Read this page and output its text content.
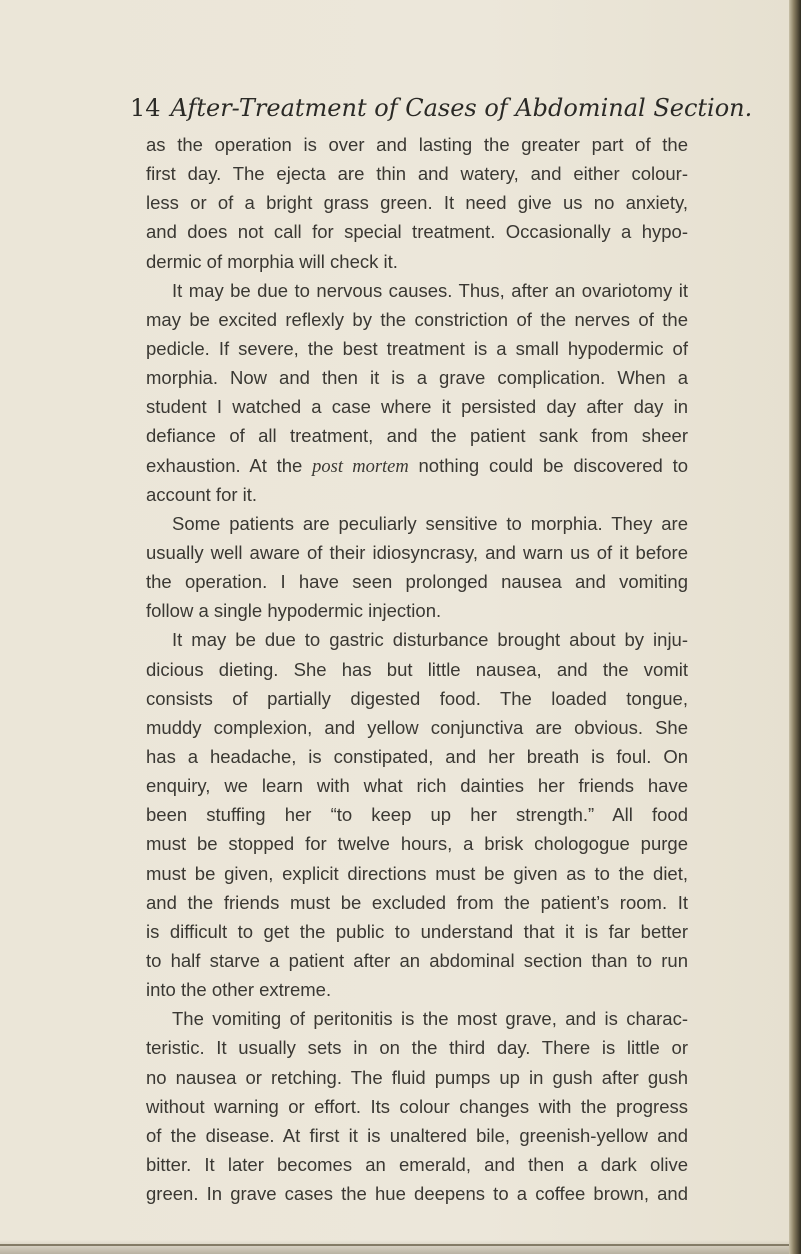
14 After-Treatment of Cases of Abdominal Section.
as the operation is over and lasting the greater part of the
first day. The ejecta are thin and watery, and either colour-
less or of a bright grass green. It need give us no anxiety,
and does not call for special treatment. Occasionally a hypo-
dermic of morphia will check it.
It may be due to nervous causes. Thus, after an ovariotomy it
may be excited reflexly by the constriction of the nerves of the
pedicle. If severe, the best treatment is a small hypodermic of
morphia. Now and then it is a grave complication. When a
student I watched a case where it persisted day after day in
defiance of all treatment, and the patient sank from sheer
exhaustion. At the post mortem nothing could be discovered to
account for it.
Some patients are peculiarly sensitive to morphia. They are
usually well aware of their idiosyncrasy, and warn us of it before
the operation. I have seen prolonged nausea and vomiting
follow a single hypodermic injection.
It may be due to gastric disturbance brought about by inju-
dicious dieting. She has but little nausea, and the vomit
consists of partially digested food. The loaded tongue,
muddy complexion, and yellow conjunctiva are obvious. She
has a headache, is constipated, and her breath is foul. On
enquiry, we learn with what rich dainties her friends have
been stuffing her “to keep up her strength.” All food
must be stopped for twelve hours, a brisk chologogue purge
must be given, explicit directions must be given as to the diet,
and the friends must be excluded from the patient’s room. It
is difficult to get the public to understand that it is far better
to half starve a patient after an abdominal section than to run
into the other extreme.
The vomiting of peritonitis is the most grave, and is charac-
teristic. It usually sets in on the third day. There is little or
no nausea or retching. The fluid pumps up in gush after gush
without warning or effort. Its colour changes with the progress
of the disease. At first it is unaltered bile, greenish-yellow and
bitter. It later becomes an emerald, and then a dark olive
green. In grave cases the hue deepens to a coffee brown, and
